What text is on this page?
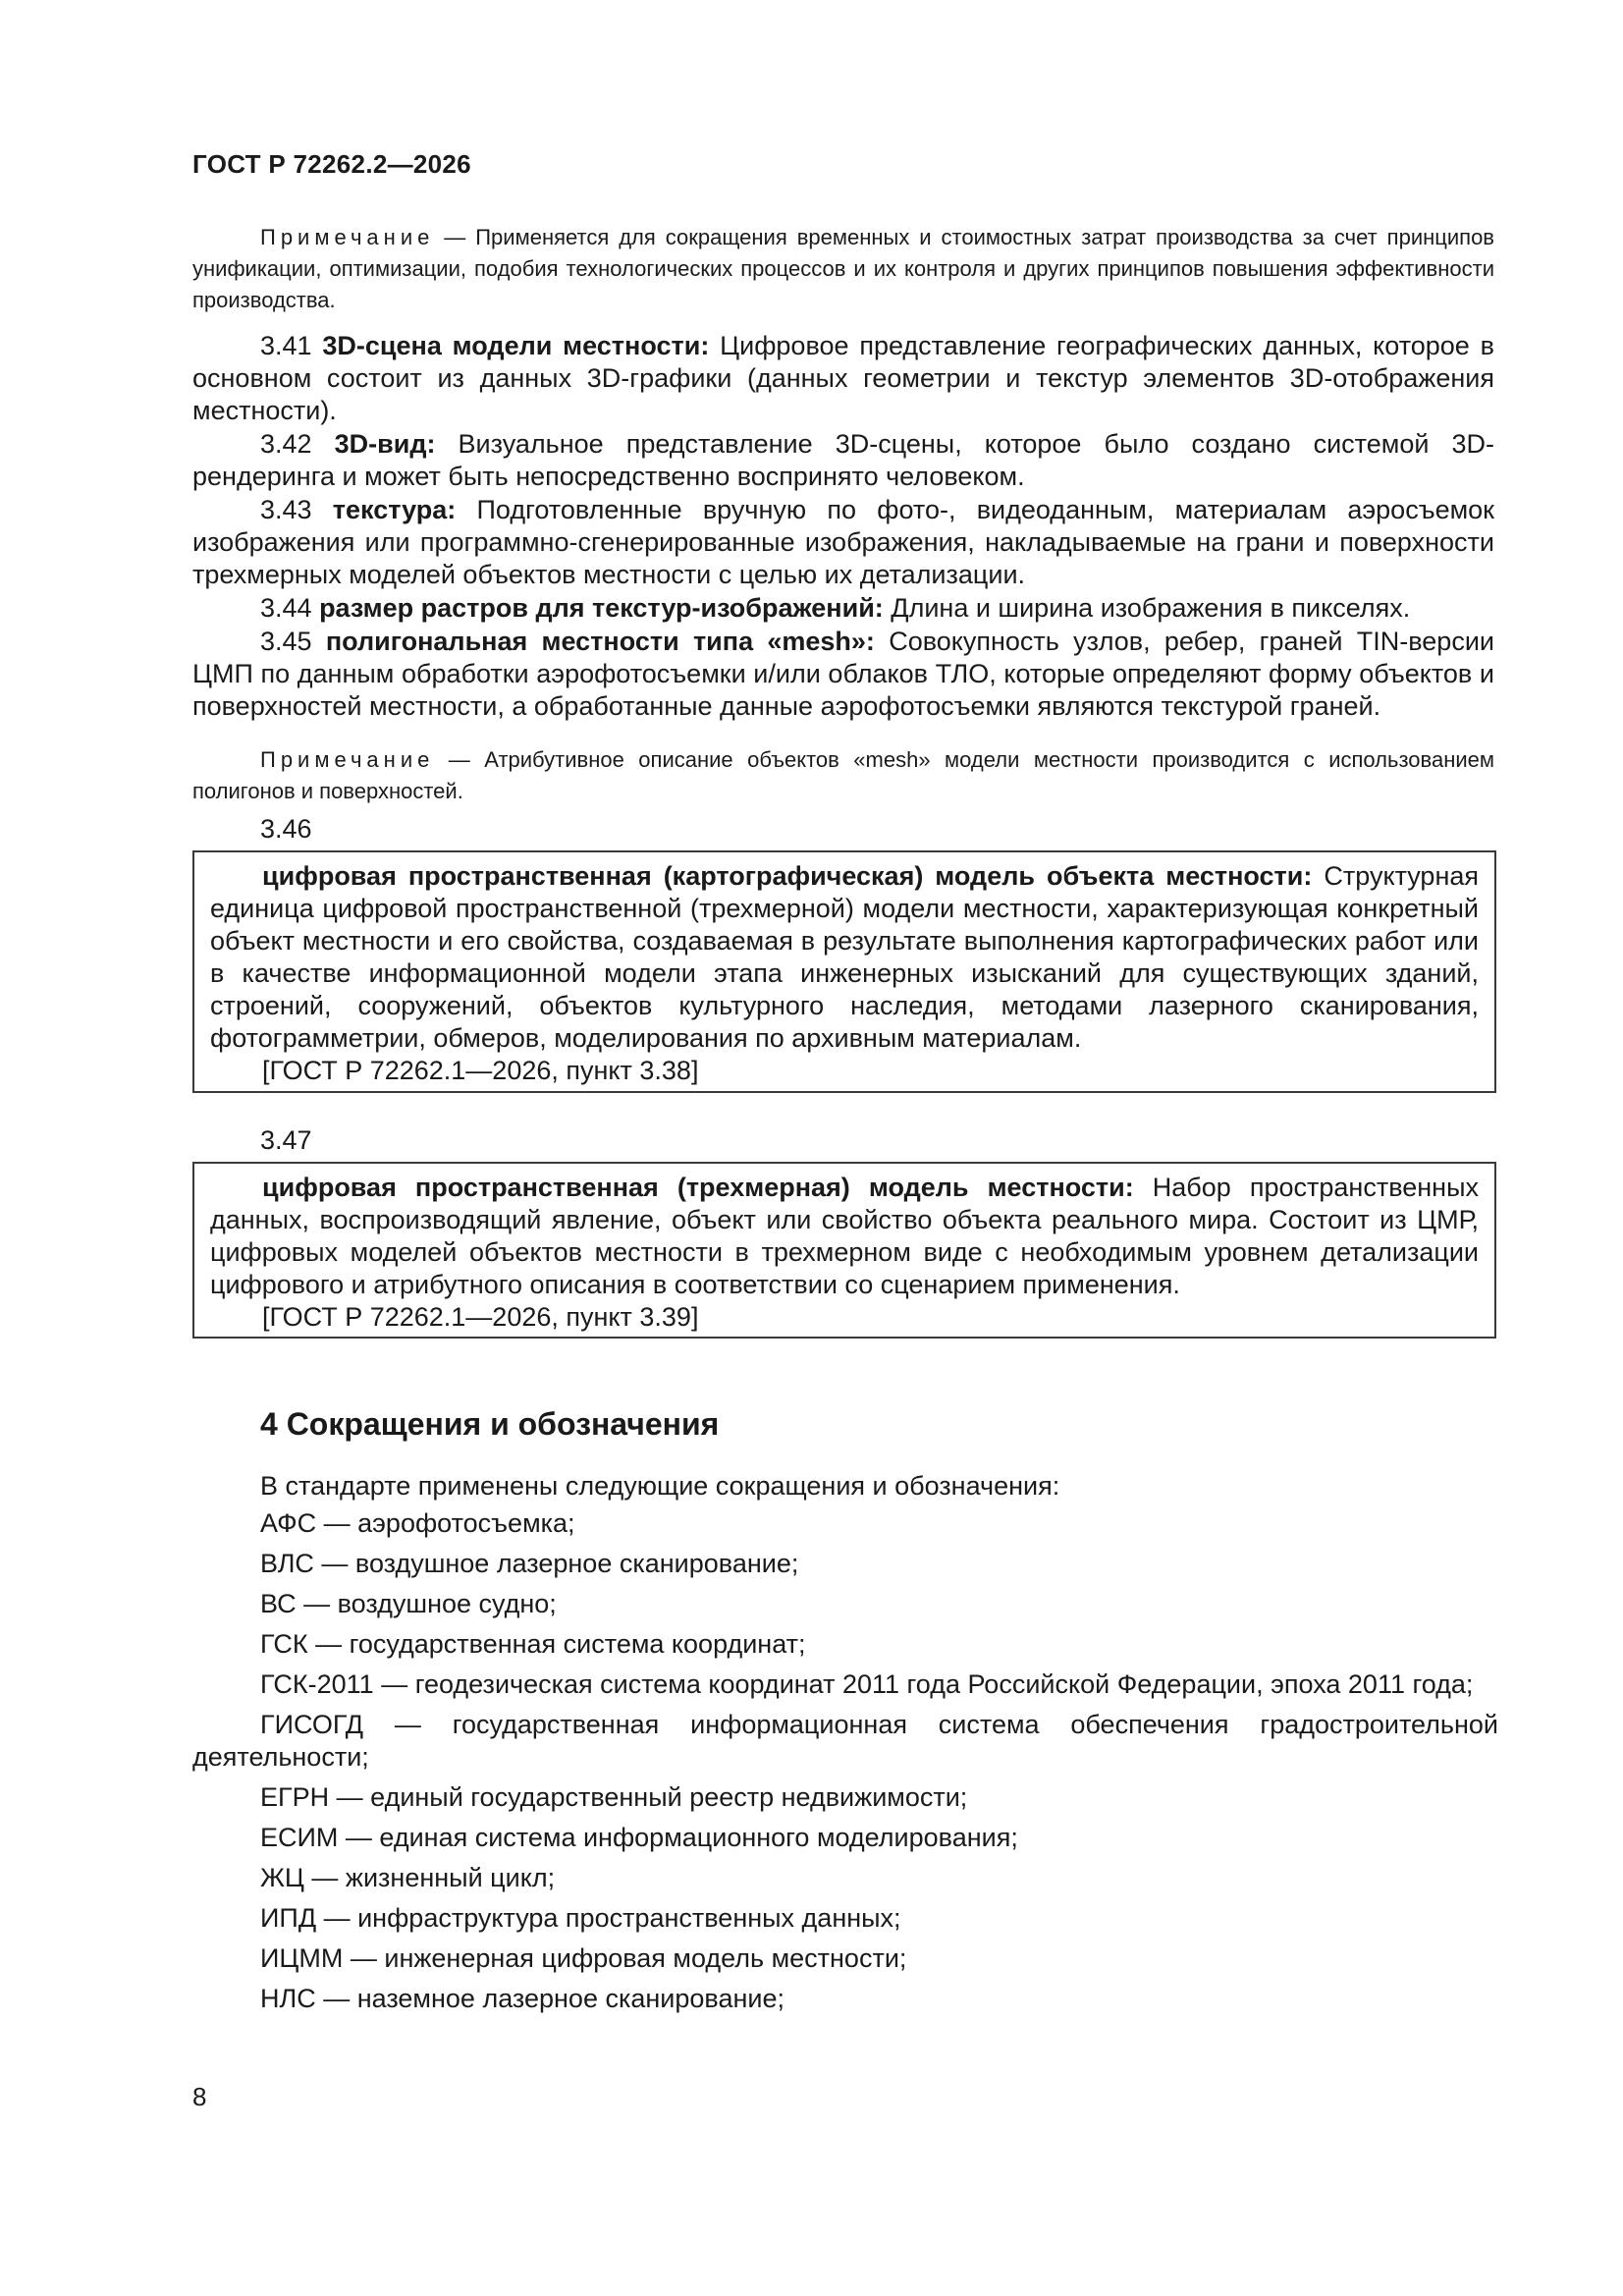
ГОСТ Р 72262.2—2026
Примечание — Применяется для сокращения временных и стоимостных затрат производства за счет принципов унификации, оптимизации, подобия технологических процессов и их контроля и других принципов повышения эффективности производства.
3.41 3D-сцена модели местности: Цифровое представление географических данных, которое в основном состоит из данных 3D-графики (данных геометрии и текстур элементов 3D-отображения местности).
3.42 3D-вид: Визуальное представление 3D-сцены, которое было создано системой 3D-рендеринга и может быть непосредственно воспринято человеком.
3.43 текстура: Подготовленные вручную по фото-, видеоданным, материалам аэросъемок изображения или программно-сгенерированные изображения, накладываемые на грани и поверхности трехмерных моделей объектов местности с целью их детализации.
3.44 размер растров для текстур-изображений: Длина и ширина изображения в пикселях.
3.45 полигональная местности типа «mesh»: Совокупность узлов, ребер, граней TIN-версии ЦМП по данным обработки аэрофотосъемки и/или облаков ТЛО, которые определяют форму объектов и поверхностей местности, а обработанные данные аэрофотосъемки являются текстурой граней.
Примечание — Атрибутивное описание объектов «mesh» модели местности производится с использованием полигонов и поверхностей.
3.46
цифровая пространственная (картографическая) модель объекта местности: Структурная единица цифровой пространственной (трехмерной) модели местности, характеризующая конкретный объект местности и его свойства, создаваемая в результате выполнения картографических работ или в качестве информационной модели этапа инженерных изысканий для существующих зданий, строений, сооружений, объектов культурного наследия, методами лазерного сканирования, фотограмметрии, обмеров, моделирования по архивным материалам.
[ГОСТ Р 72262.1—2026, пункт 3.38]
3.47
цифровая пространственная (трехмерная) модель местности: Набор пространственных данных, воспроизводящий явление, объект или свойство объекта реального мира. Состоит из ЦМР, цифровых моделей объектов местности в трехмерном виде с необходимым уровнем детализации цифрового и атрибутного описания в соответствии со сценарием применения.
[ГОСТ Р 72262.1—2026, пункт 3.39]
4 Сокращения и обозначения
В стандарте применены следующие сокращения и обозначения:
АФС — аэрофотосъемка;
ВЛС — воздушное лазерное сканирование;
ВС — воздушное судно;
ГСК — государственная система координат;
ГСК-2011 — геодезическая система координат 2011 года Российской Федерации, эпоха 2011 года;
ГИСОГД — государственная информационная система обеспечения градостроительной деятельности;
ЕГРН — единый государственный реестр недвижимости;
ЕСИМ — единая система информационного моделирования;
ЖЦ — жизненный цикл;
ИПД — инфраструктура пространственных данных;
ИЦММ — инженерная цифровая модель местности;
НЛС — наземное лазерное сканирование;
8
